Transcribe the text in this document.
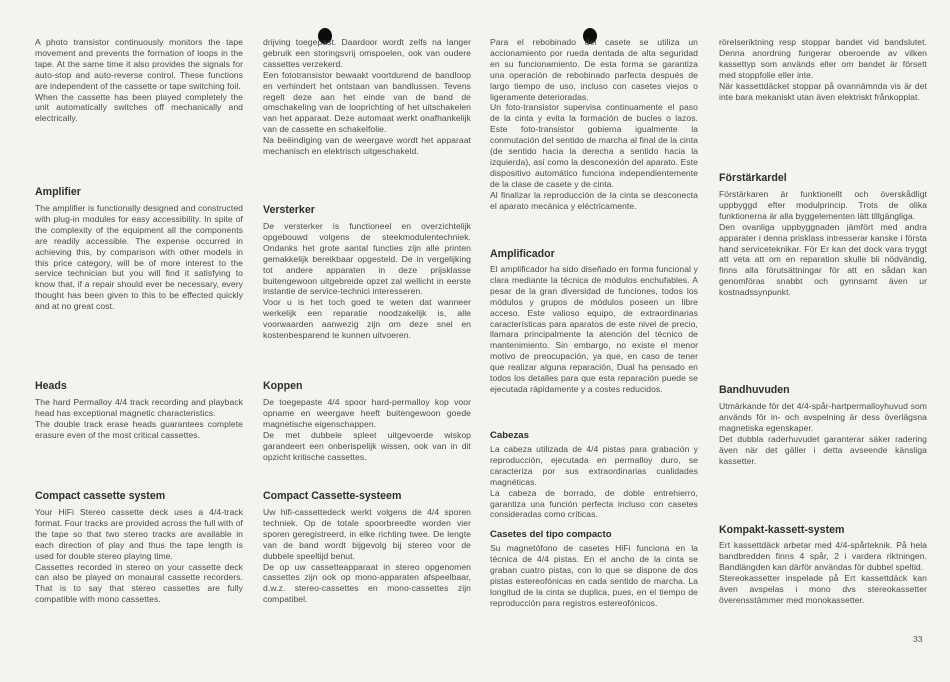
A photo transistor continuously monitors the tape movement and prevents the formation of loops in the tape. At the same time it also provides the signals for auto-stop and auto-reverse control. These functions are independent of the cassette or tape switching foil.
When the cassette has been played completely the unit automatically switches off mechanically and electrically.

Amplifier

The amplifier is functionally designed and constructed with plug-in modules for easy accessibility. In spite of the complexity of the equipment all the components are readily accessible. The expense occurred in achieving this, by comparison with other models in this price category, will be of more interest to the service technician but you will find it satisfying to know that, if a repair should ever be necessary, every thought has been given to this to be effected quickly and at no great cost.

Heads

The hard Permalloy 4/4 track recording and playback head has exceptional magnetic characteristics.
The double track erase heads guarantees complete erasure even of the most critical cassettes.

Compact cassette system

Your HiFi Stereo cassette deck uses a 4/4-track format. Four tracks are provided across the full with of the tape so that two stereo tracks are available in each direction of play and thus the tape length is used for double stereo playing time.
Cassettes recorded in stereo on your cassette deck can also be played on monaural cassette recorders. That is to say that stereo cassettes are fully compatible with mono cassettes.

drijving toegepast. Daardoor wordt zelfs na langer gebruik een storingsvrij omspoelen, ook van oudere cassettes verzekerd.
Een fototransistor bewaakt voortdurend de bandloop en verhindert het ontstaan van bandlussen. Tevens regelt deze aan het einde van de band de omschakeling van de looprichting of het uitschakelen van het apparaat. Deze automaat werkt onafhankelijk van de cassette en schakelfolie.
Na beëindiging van de weergave wordt het apparaat mechanisch en elektrisch uitgeschakeld.

Versterker

De versterker is functioneel en overzichtelijk opgebouwd volgens de steekmodulentechniek. Ondanks het grote aantal functies zijn alle printen gemakkelijk bereikbaar opgesteld. De in vergelijking tot andere apparaten in deze prijsklasse buitengewoon uitgebreide opzet zal wellicht in eerste instantie de service-technici interesseren.
Voor u is het toch goed te weten dat wanneer werkelijk een reparatie noodzakelijk is, alle voorwaarden aanwezig zijn om deze snel en kostenbesparend te kunnen uitvoeren.

Koppen

De toegepaste 4/4 spoor hard-permalloy kop voor opname en weergave heeft buitengewoon goede magnetische eigenschappen.
De met dubbele spleet uitgevoerde wiskop garandeert een onberispelijk wissen, ook van in dit opzicht kritische cassettes.

Compact Cassette-systeem

Uw hifi-cassettedeck werkt volgens de 4/4 sporen techniek. Op de totale spoorbreedte worden vier sporen geregistreerd, in elke richting twee. De lengte van de band wordt bijgevolg bij stereo voor de dubbele speeltijd benut.
De op uw cassetteapparaat in stereo opgenomen cassettes zijn ook op mono-apparaten afspeelbaar, d.w.z. stereo-cassettes en mono-cassettes zijn compatibel.

Para el rebobinado del casete se utiliza un accionamiento por rueda dentada de alta seguridad en su funcionamiento. De esta forma se garantiza una operación de rebobinado parfecta después de largo tiempo de uso, incluso con casetes viejos o ligeramente deterioradas.
Un foto-transistor supervisa continuamente el paso de la cinta y evita la formación de bucles o lazos. Este foto-transistor gobierna igualmente la conmutación del sentido de marcha al final de la cinta (de sentido hacia la derecha a sentido hacia la izquierda), así como la desconexión del aparato. Este dispositivo automático funciona independientemente de la clase de casete y de cinta.
Al finalizar la reproducción de la cinta se desconecta el aparato mecánica y eléctricamente.

Amplificador

El amplificador ha sido diseñado en forma funcional y clara mediante la técnica de módulos enchufables. A pesar de la gran diversidad de funciones, todos los módulos y grupos de módulos poseen un libre acceso. Este valioso equipo, de extraordinarias características para aparatos de este nivel de precio, llamara principalmente la atención del técnico de mantenimiento. Sin embargo, no existe el menor motivo de preocupación, ya que, en caso de tener que realizar alguna reparación, Dual ha pensado en todos los detalles para que esta reparación puede se ejecutada rápidamente y a costes reducidos.

Cabezas

La cabeza utilizada de 4/4 pistas para grabación y reproducción, ejecutada en permalloy duro, se caracteriza por sus extraordinarias cualidades magnéticas.
La cabeza de borrado, de doble entrehierro, garantiza una función perfecta incluso con casetes consideradas como críticas.

Casetes del tipo compacto

Su magnetófono de casetes HiFi funciona en la técnica de 4/4 pistas. En el ancho de la cinta se graban cuatro pistas, con lo que se dispone de dos pistas estereofónicas en cada sentido de marcha. La longitud de la cinta se duplica, pues, en el tiempo de reproducción para registros estereofónicos.

rörelseriktning resp stoppar bandet vid bandslutet. Denna anordning fungerar oberoende av vilken kassettyp som används eller om bandet är försett med stoppfolie eller inte.
När kassettdäcket stoppar på ovannämnda vis är det inte bara mekaniskt utan även elektriskt frånkopplat.

Förstärkardel

Förstärkaren är funktionellt och överskådligt uppbyggd efter modulprincip. Trots de olika funktionerna är alla byggelementen lätt tillgängliga.
Den ovanliga uppbyggnaden jämfört med andra apparater i denna prisklass intresserar kanske i första hand serviceteknikar. För Er kan det dock vara tryggt att veta att om en reparation skulle bli nödvändig, finns alla förutsättningar för att en sådan kan genomföras snabbt och gynnsamt även ur kostnadssynpunkt.

Bandhuvuden

Utmärkande för det 4/4-spår-hartpermalloyhuvud som används för in- och avspelning är dess överlägsna magnetiska egenskaper.
Det dubbla raderhuvudet garanterar säker radering även när det gäller i detta avseende känsliga kassetter.

Kompakt-kassett-system

Ert kassettdäck arbetar med 4/4-spårteknik. På hela bandbredden finns 4 spår, 2 i vardera riktningen. Bandlängden kan därför användas för dubbel speltid.
Stereokassetter inspelade på Ert kassettdäck kan även avspelas i mono dvs stereokassetter överensstämmer med monokassetter.

33
